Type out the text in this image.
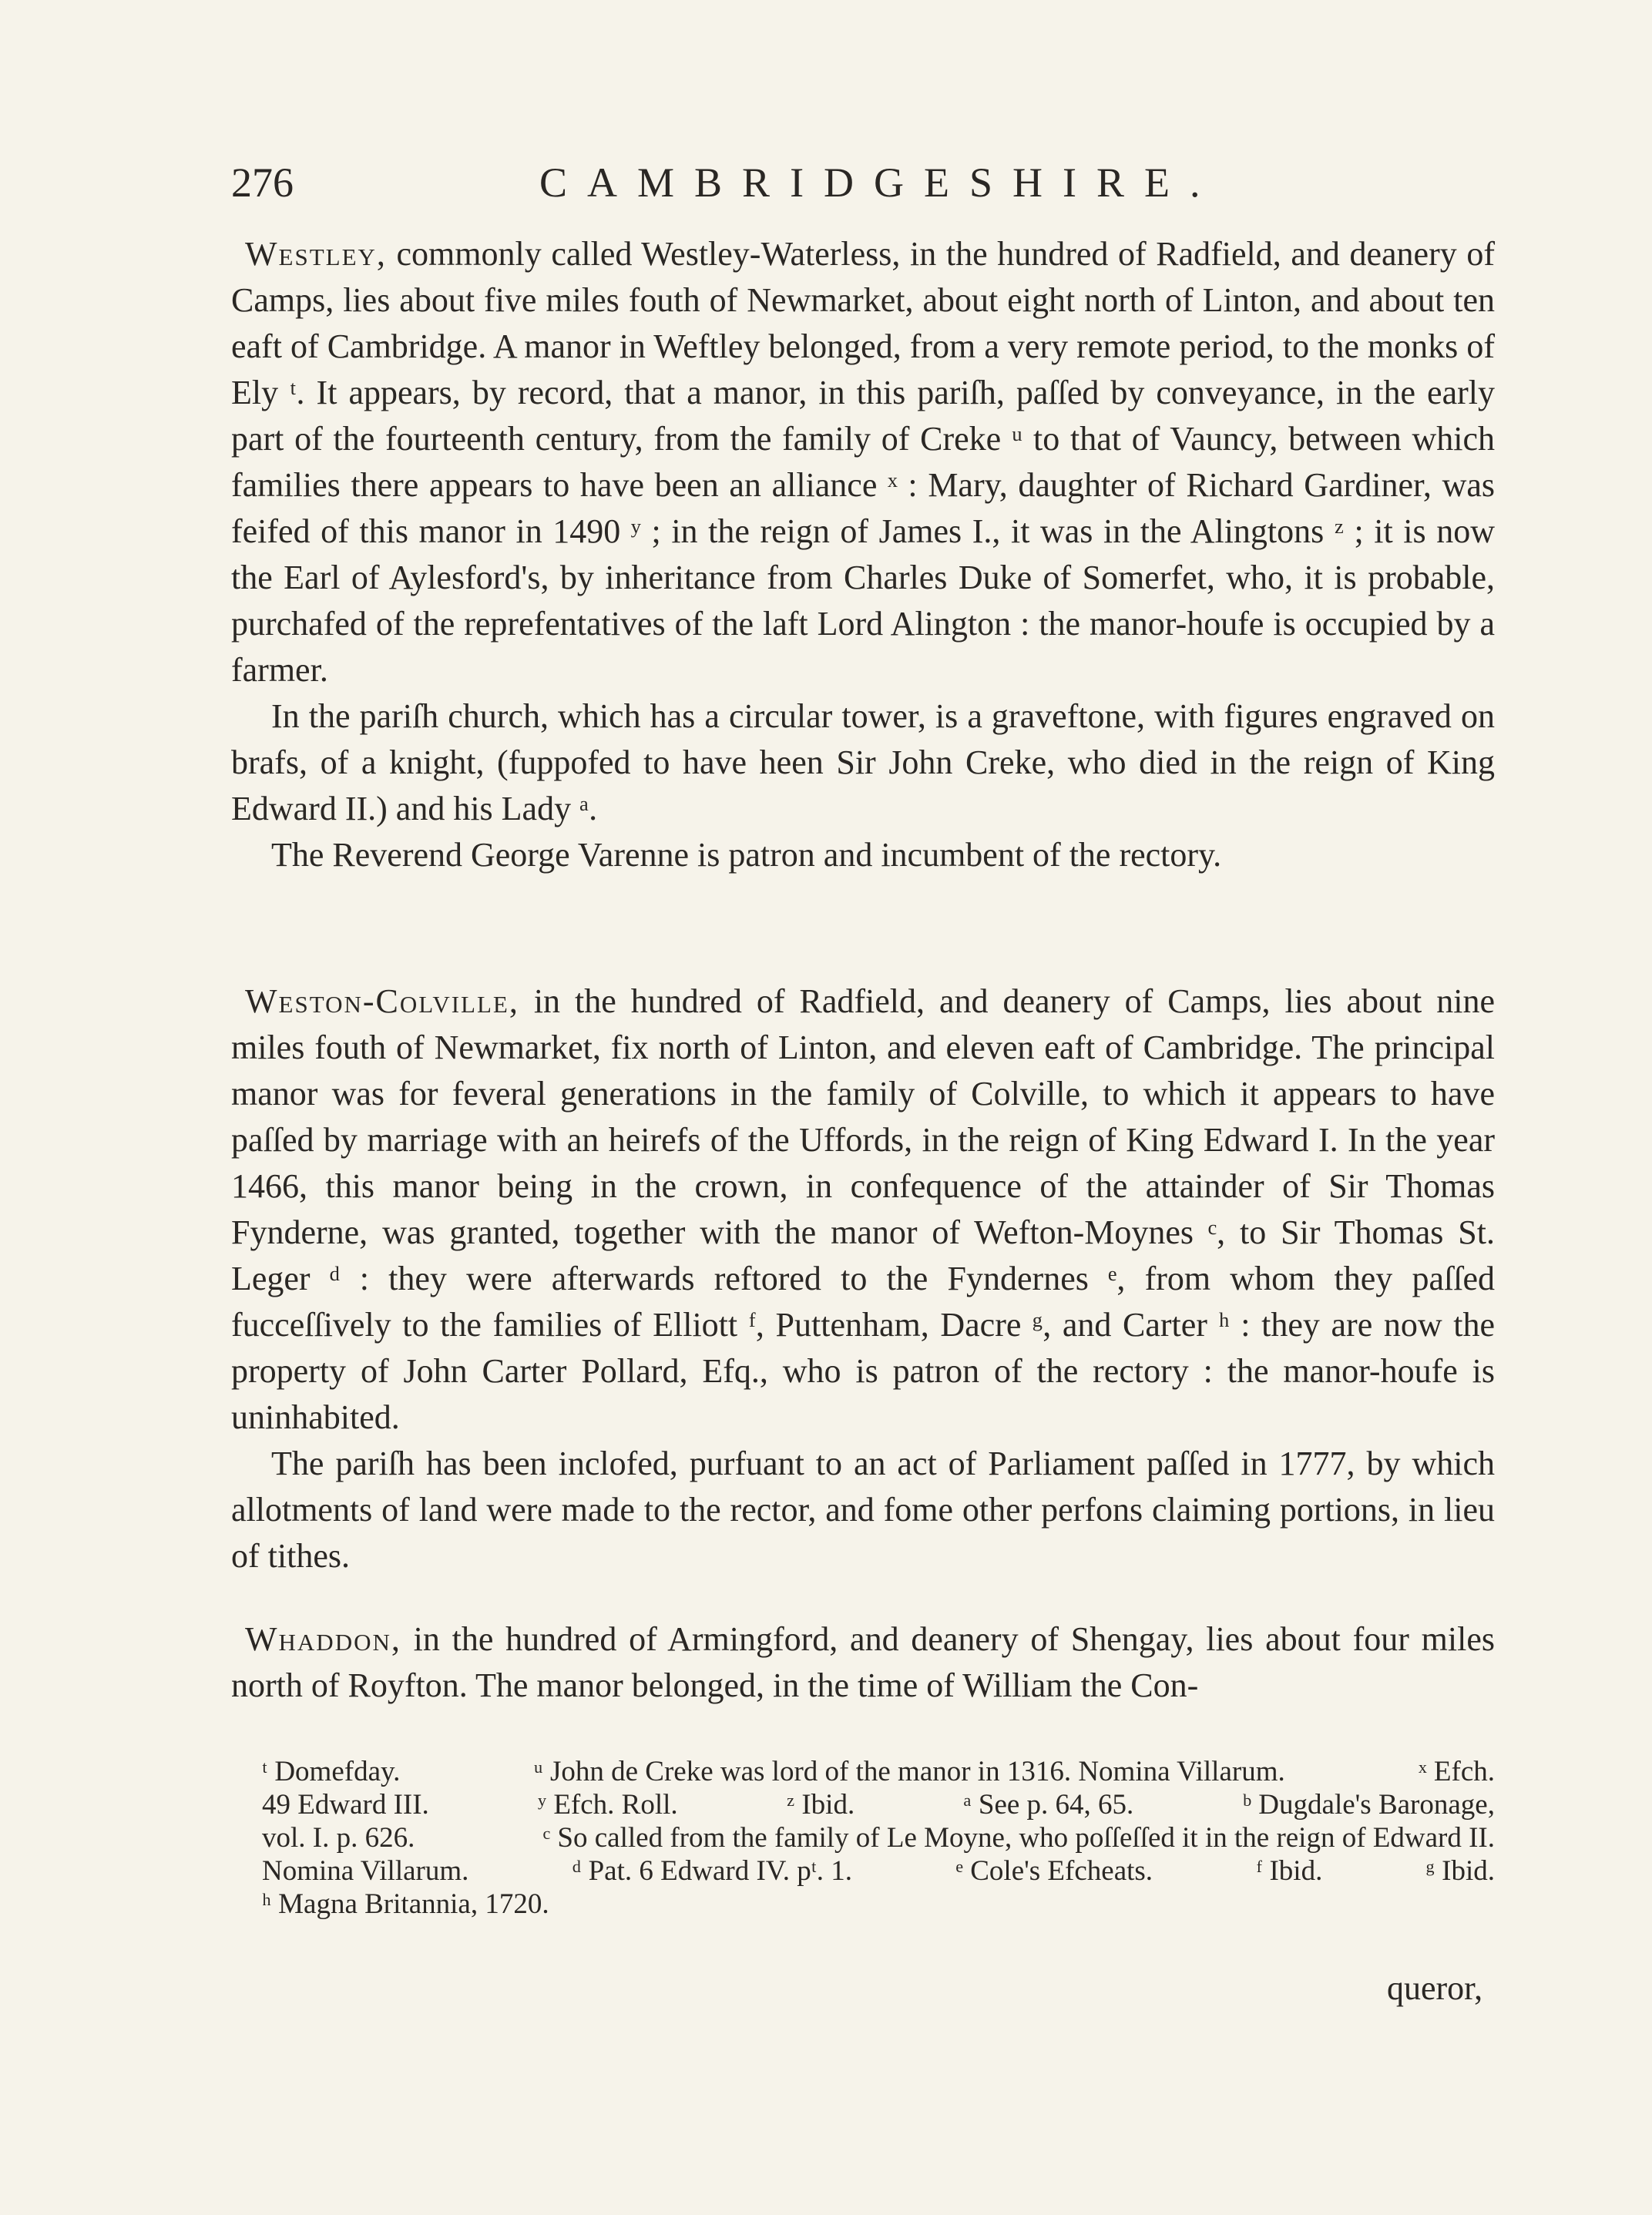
276	CAMBRIDGESHIRE.

Westley, commonly called Westley-Waterless, in the hundred of Radfield, and deanery of Camps, lies about five miles fouth of Newmarket, about eight north of Linton, and about ten eaft of Cambridge. A manor in Weftley belonged, from a very remote period, to the monks of Ely ᵗ. It appears, by record, that a manor, in this pariſh, paſſed by conveyance, in the early part of the fourteenth century, from the family of Creke ᵘ to that of Vauncy, between which families there appears to have been an alliance ˣ : Mary, daughter of Richard Gardiner, was feifed of this manor in 1490 ʸ ; in the reign of James I., it was in the Alingtons ᶻ ; it is now the Earl of Aylesford's, by inheritance from Charles Duke of Somerfet, who, it is probable, purchafed of the reprefentatives of the laft Lord Alington : the manor-houfe is occupied by a farmer.

In the pariſh church, which has a circular tower, is a graveftone, with figures engraved on brafs, of a knight, (fuppofed to have heen Sir John Creke, who died in the reign of King Edward II.) and his Lady ᵃ.

The Reverend George Varenne is patron and incumbent of the rectory.

Weston-Colville, in the hundred of Radfield, and deanery of Camps, lies about nine miles fouth of Newmarket, fix north of Linton, and eleven eaft of Cambridge. The principal manor was for feveral generations in the family of Colville, to which it appears to have paſſed by marriage with an heirefs of the Uffords, in the reign of King Edward I. In the year 1466, this manor being in the crown, in confequence of the attainder of Sir Thomas Fynderne, was granted, together with the manor of Wefton-Moynes ᶜ, to Sir Thomas St. Leger ᵈ : they were afterwards reftored to the Fyndernes ᵉ, from whom they paſſed fucceſſively to the families of Elliott ᶠ, Puttenham, Dacre ᵍ, and Carter ʰ : they are now the property of John Carter Pollard, Efq., who is patron of the rectory : the manor-houfe is uninhabited.

The pariſh has been inclofed, purfuant to an act of Parliament paſſed in 1777, by which allotments of land were made to the rector, and fome other perfons claiming portions, in lieu of tithes.

Whaddon, in the hundred of Armingford, and deanery of Shengay, lies about four miles north of Royfton. The manor belonged, in the time of William the Con-

ᵗ Domefday.	ᵘ John de Creke was lord of the manor in 1316. Nomina Villarum.	ˣ Efch.
49 Edward III.	ʸ Efch. Roll.	ᶻ Ibid.	ᵃ See p. 64, 65.	ᵇ Dugdale's Baronage,
vol. I. p. 626.	ᶜ So called from the family of Le Moyne, who poſſeſſed it in the reign of Edward II.
Nomina Villarum.	ᵈ Pat. 6 Edward IV. pᵗ. 1.	ᵉ Cole's Efcheats.	ᶠ Ibid.	ᵍ Ibid.
ʰ Magna Britannia, 1720.
queror,
